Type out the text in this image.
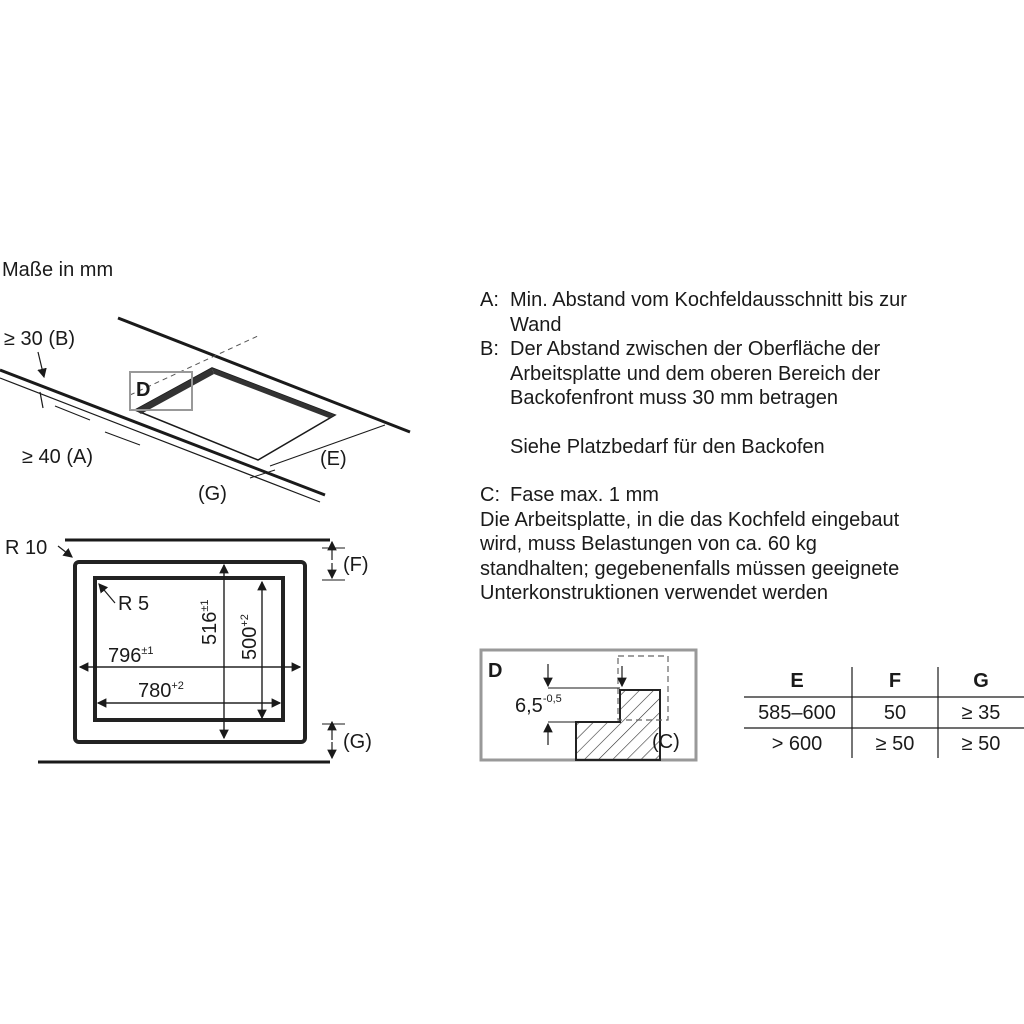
Maße in mm
D
≥ 30 (B)
≥ 40 (A)	(E)
(G)
R 10
R 5
$796^{\pm 1}$
$780^{+2}$
$516^{\pm 1}$
$500^{+2}$
(F)
(G)
D
$6,5^{-0,5}$
(C)
A: Min. Abstand vom Kochfeldausschnitt bis zur
Wand
B: Der Abstand zwischen der Oberfläche der
Arbeitsplatte und dem oberen Bereich der
Backofenfront muss 30 mm betragen
Siehe Platzbedarf für den Backofen
C: Fase max. 1 mm
Die Arbeitsplatte, in die das Kochfeld eingebaut
wird, muss Belastungen von ca. 60 kg
standhalten; gegebenenfalls müssen geeignete
Unterkonstruktionen verwendet werden
E	F	G
585–600	50	≥ 35
> 600	≥ 50	≥ 50
